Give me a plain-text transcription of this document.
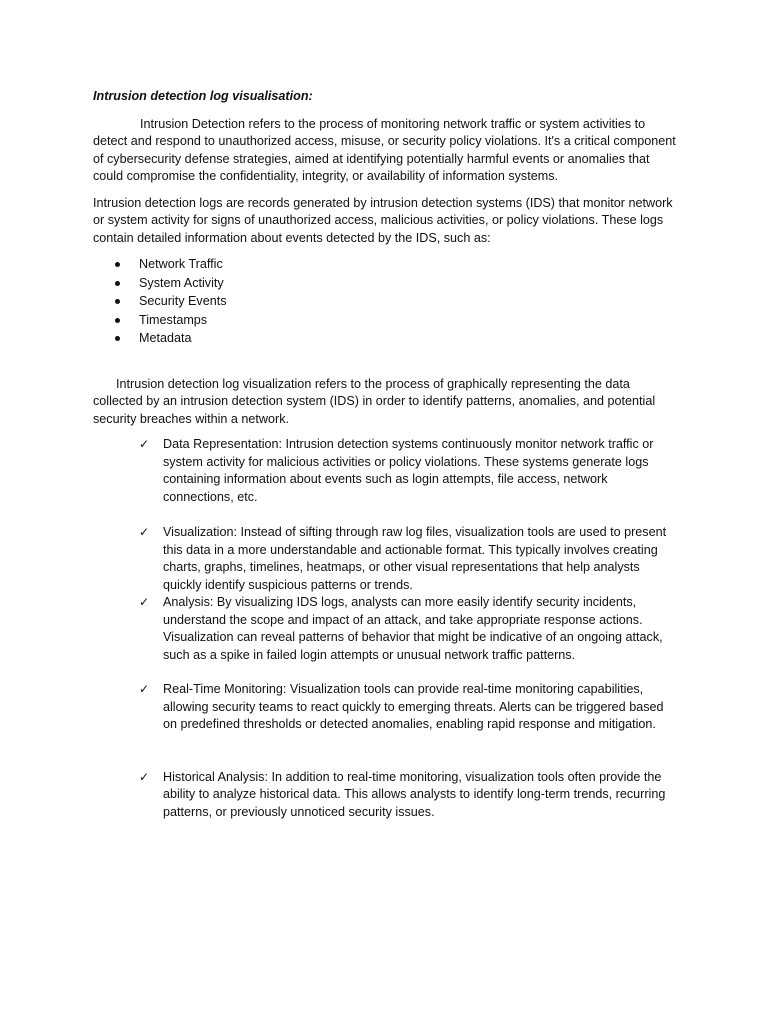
Intrusion detection log visualisation:

Intrusion Detection refers to the process of monitoring network traffic or system activities to detect and respond to unauthorized access, misuse, or security policy violations. It's a critical component of cybersecurity defense strategies, aimed at identifying potentially harmful events or anomalies that could compromise the confidentiality, integrity, or availability of information systems.

Intrusion detection logs are records generated by intrusion detection systems (IDS) that monitor network or system activity for signs of unauthorized access, malicious activities, or policy violations. These logs contain detailed information about events detected by the IDS, such as:

Network Traffic
System Activity
Security Events
Timestamps
Metadata

Intrusion detection log visualization refers to the process of graphically representing the data collected by an intrusion detection system (IDS) in order to identify patterns, anomalies, and potential security breaches within a network.

✓ Data Representation: Intrusion detection systems continuously monitor network traffic or system activity for malicious activities or policy violations. These systems generate logs containing information about events such as login attempts, file access, network connections, etc.
✓ Visualization: Instead of sifting through raw log files, visualization tools are used to present this data in a more understandable and actionable format. This typically involves creating charts, graphs, timelines, heatmaps, or other visual representations that help analysts quickly identify suspicious patterns or trends.
✓ Analysis: By visualizing IDS logs, analysts can more easily identify security incidents, understand the scope and impact of an attack, and take appropriate response actions. Visualization can reveal patterns of behavior that might be indicative of an ongoing attack, such as a spike in failed login attempts or unusual network traffic patterns.
✓ Real-Time Monitoring: Visualization tools can provide real-time monitoring capabilities, allowing security teams to react quickly to emerging threats. Alerts can be triggered based on predefined thresholds or detected anomalies, enabling rapid response and mitigation.
✓ Historical Analysis: In addition to real-time monitoring, visualization tools often provide the ability to analyze historical data. This allows analysts to identify long-term trends, recurring patterns, or previously unnoticed security issues.
